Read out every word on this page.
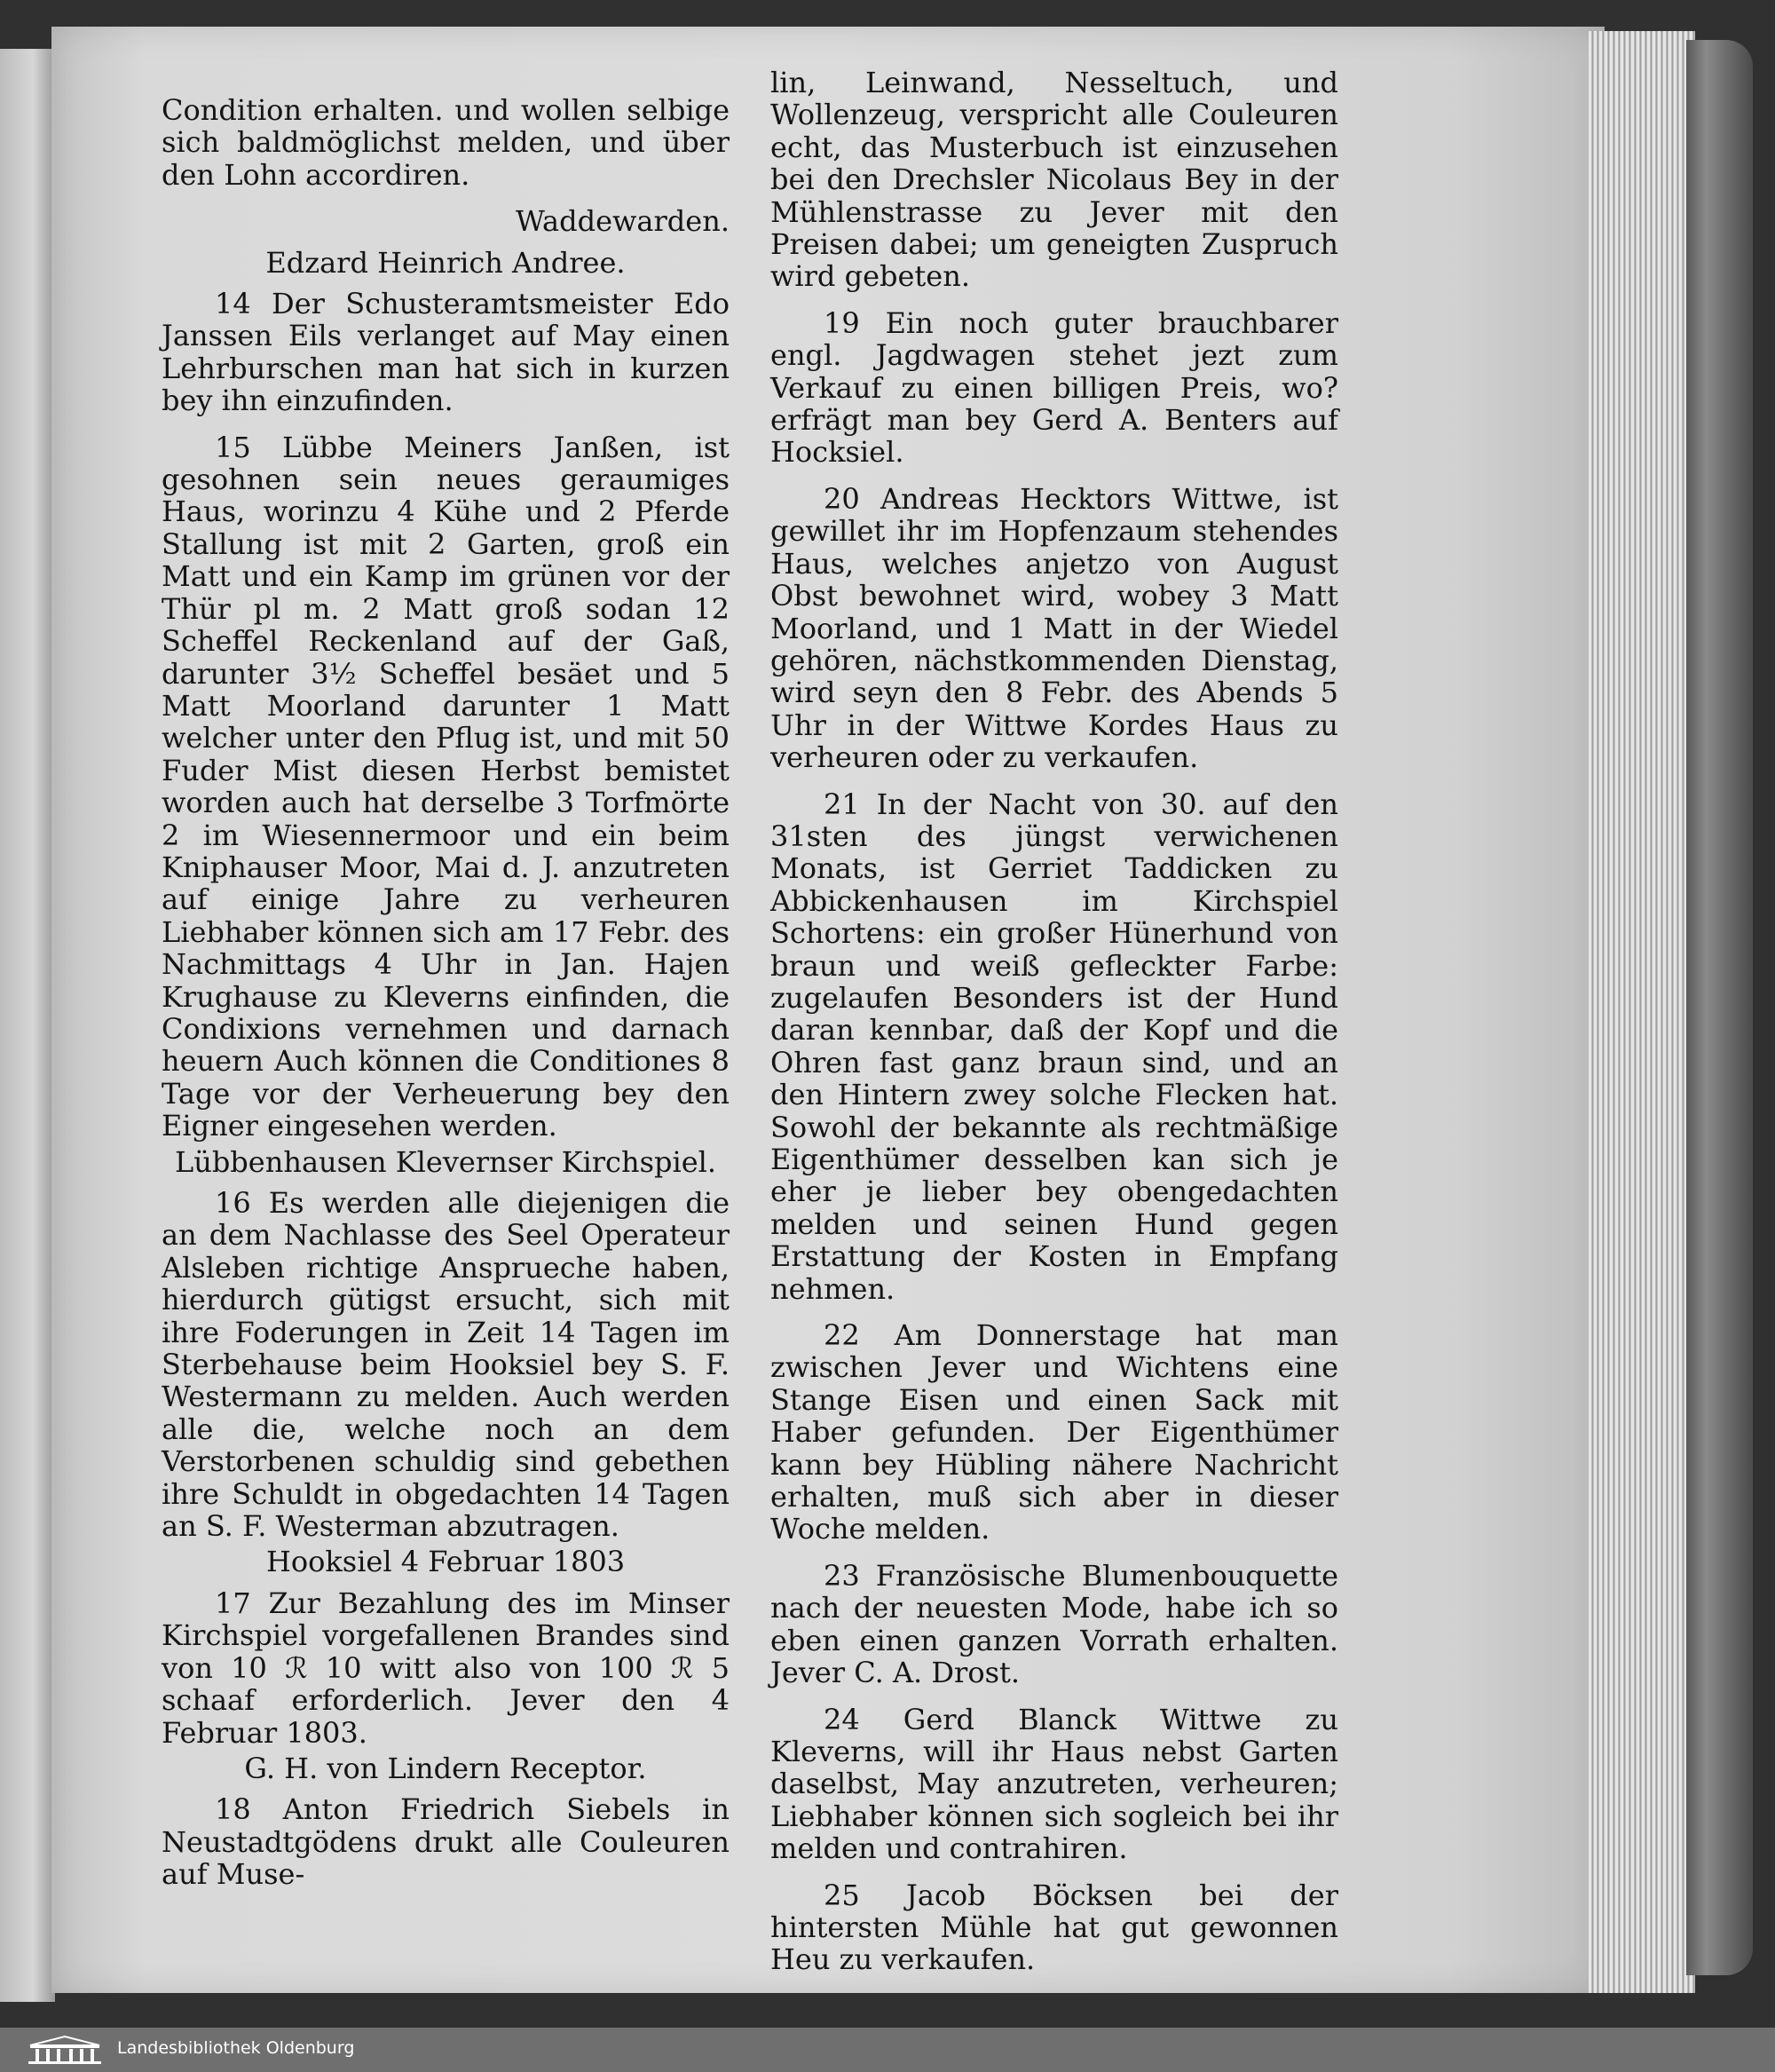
Condition erhalten. und wollen selbige sich baldmöglichst melden, und über den Lohn accordiren.

Waddewarden.

Edzard Heinrich Andree.

14 Der Schusteramtsmeister Edo Janssen Eils verlanget auf May einen Lehrburschen man hat sich in kurzen bey ihn einzufinden.

15 Lübbe Meiners Janßen, ist gesohnen sein neues geraumiges Haus, worinzu 4 Kühe und 2 Pferde Stallung ist mit 2 Garten, groß ein Matt und ein Kamp im grünen vor der Thür pl m. 2 Matt groß sodan 12 Scheffel Reckenland auf der Gaß, darunter 3½ Scheffel besäet und 5 Matt Moorland darunter 1 Matt welcher unter den Pflug ist, und mit 50 Fuder Mist diesen Herbst bemistet worden auch hat derselbe 3 Torfmörte 2 im Wiesennermoor und ein beim Kniphauser Moor, Mai d. J. anzutreten auf einige Jahre zu verheuren Liebhaber können sich am 17 Febr. des Nachmittags 4 Uhr in Jan. Hajen Krughause zu Kleverns einfinden, die Condixions vernehmen und darnach heuern Auch können die Conditiones 8 Tage vor der Verheuerung bey den Eigner eingesehen werden.

Lübbenhausen Klevernser Kirchspiel.

16 Es werden alle diejenigen die an dem Nachlasse des Seel Operateur Alsleben richtige Ansprueche haben, hierdurch gütigst ersucht, sich mit ihre Foderungen in Zeit 14 Tagen im Sterbehause beim Hooksiel bey S. F. Westermann zu melden. Auch werden alle die, welche noch an dem Verstorbenen schuldig sind gebethen ihre Schuldt in obgedachten 14 Tagen an S. F. Westerman abzutragen.

Hooksiel 4 Februar 1803

17 Zur Bezahlung des im Minser Kirchspiel vorgefallenen Brandes sind von 10 ℛ 10 witt also von 100 ℛ 5 schaaf erforderlich. Jever den 4 Februar 1803.

G. H. von Lindern Receptor.

18 Anton Friedrich Siebels in Neustadtgödens drukt alle Couleuren auf Muse-

lin, Leinwand, Nesseltuch, und Wollenzeug, verspricht alle Couleuren echt, das Musterbuch ist einzusehen bei den Drechsler Nicolaus Bey in der Mühlenstrasse zu Jever mit den Preisen dabei; um geneigten Zuspruch wird gebeten.

19 Ein noch guter brauchbarer engl. Jagdwagen stehet jezt zum Verkauf zu einen billigen Preis, wo? erfrägt man bey Gerd A. Benters auf Hocksiel.

20 Andreas Hecktors Wittwe, ist gewillet ihr im Hopfenzaum stehendes Haus, welches anjetzo von August Obst bewohnet wird, wobey 3 Matt Moorland, und 1 Matt in der Wiedel gehören, nächstkommenden Dienstag, wird seyn den 8 Febr. des Abends 5 Uhr in der Wittwe Kordes Haus zu verheuren oder zu verkaufen.

21 In der Nacht von 30. auf den 31sten des jüngst verwichenen Monats, ist Gerriet Taddicken zu Abbickenhausen im Kirchspiel Schortens: ein großer Hünerhund von braun und weiß gefleckter Farbe: zugelaufen Besonders ist der Hund daran kennbar, daß der Kopf und die Ohren fast ganz braun sind, und an den Hintern zwey solche Flecken hat. Sowohl der bekannte als rechtmäßige Eigenthümer desselben kan sich je eher je lieber bey obengedachten melden und seinen Hund gegen Erstattung der Kosten in Empfang nehmen.

22 Am Donnerstage hat man zwischen Jever und Wichtens eine Stange Eisen und einen Sack mit Haber gefunden. Der Eigenthümer kann bey Hübling nähere Nachricht erhalten, muß sich aber in dieser Woche melden.

23 Französische Blumenbouquette nach der neuesten Mode, habe ich so eben einen ganzen Vorrath erhalten. Jever C. A. Drost.

24 Gerd Blanck Wittwe zu Kleverns, will ihr Haus nebst Garten daselbst, May anzutreten, verheuren; Liebhaber können sich sogleich bei ihr melden und contrahiren.

25 Jacob Böcksen bei der hintersten Mühle hat gut gewonnen Heu zu verkaufen.

Landesbibliothek Oldenburg
